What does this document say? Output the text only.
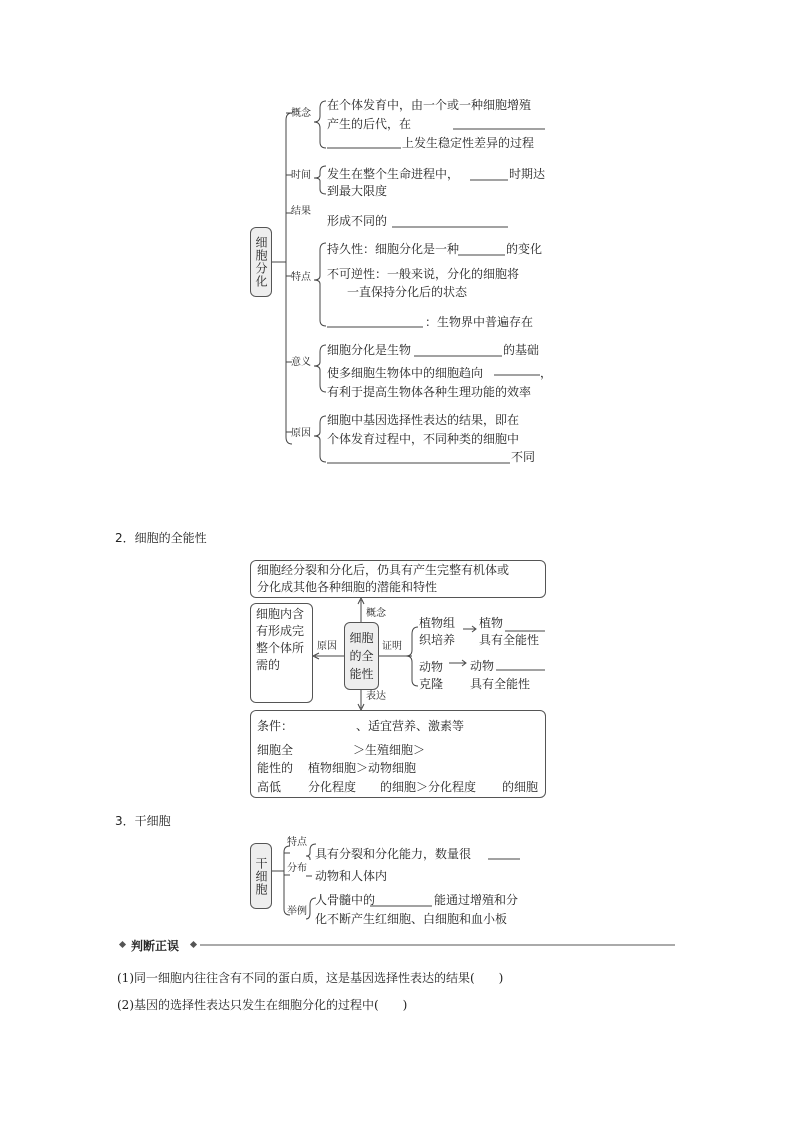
细胞分化
概念
时间
结果
特点
意义
原因
在个体发育中，由一个或一种细胞增殖
产生的后代，在
上发生稳定性差异的过程
发生在整个生命进程中，	时期达
到最大限度
形成不同的
持久性：细胞分化是一种	的变化
不可逆性：一般来说，分化的细胞将
一直保持分化后的状态
：生物界中普遍存在
细胞分化是生物	的基础
使多细胞生物体中的细胞趋向	，
有利于提高生物体各种生理功能的效率
细胞中基因选择性表达的结果，即在
个体发育过程中，不同种类的细胞中
不同
2．细胞的全能性
细胞经分裂和分化后，仍具有产生完整有机体或
分化成其他各种细胞的潜能和特性
细胞内含
有形成完
整个体所
需的
细胞的全能性
概念
原因	证明
表达
植物组
织培养
植物
具有全能性
动物
克隆
动物
具有全能性
条件：	、适宜营养、激素等
细胞全
能性的
高低
＞生殖细胞＞
植物细胞＞动物细胞
分化程度 的细胞＞分化程度 的细胞
3．干细胞
干细胞
特点
分布
举例
具有分裂和分化能力，数量很
动物和人体内
人骨髓中的	能通过增殖和分
化不断产生红细胞、白细胞和血小板
判断正误
(1)同一细胞内往往含有不同的蛋白质，这是基因选择性表达的结果(　　)
(2)基因的选择性表达只发生在细胞分化的过程中(　　)
